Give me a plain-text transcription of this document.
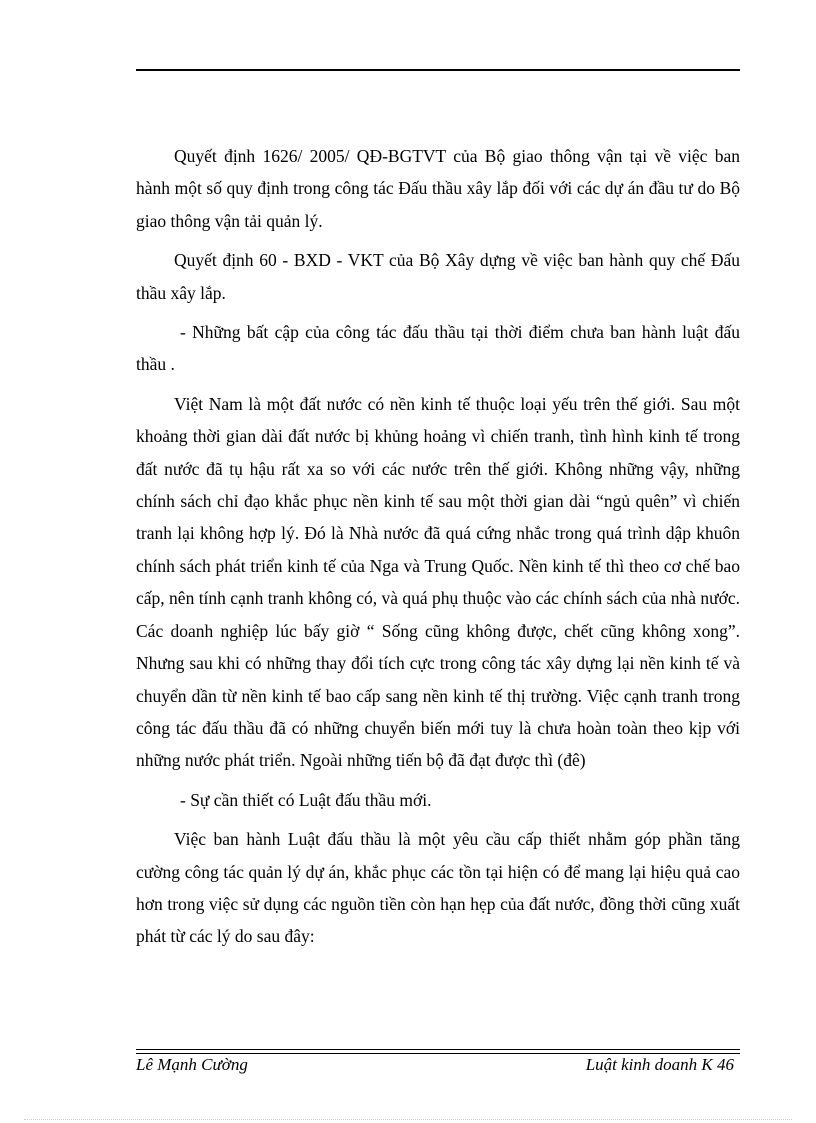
Quyết định 1626/ 2005/ QĐ-BGTVT của Bộ giao thông vận tại về việc ban hành một số quy định trong công tác Đấu thầu xây lắp đối với các dự án đầu tư do Bộ giao thông vận tải quản lý.

Quyết định 60 - BXD - VKT của Bộ Xây dựng về việc ban hành quy chế Đấu thầu xây lắp.

- Những bất cập của công tác đấu thầu tại thời điểm chưa ban hành luật đấu thầu .

Việt Nam là một đất nước có nền kinh tế thuộc loại yếu trên thế giới. Sau một khoảng thời gian dài đất nước bị khủng hoảng vì chiến tranh, tình hình kinh tế trong đất nước đã tụ hậu rất xa so với các nước trên thế giới. Không những vậy, những chính sách chỉ đạo khắc phục nền kinh tế sau một thời gian dài “ngủ quên” vì chiến tranh lại không hợp lý. Đó là Nhà nước đã quá cứng nhắc trong quá trình dập khuôn chính sách phát triển kinh tế của Nga và Trung Quốc. Nền kinh tế thì theo cơ chế bao cấp, nên tính cạnh tranh không có, và quá phụ thuộc vào các chính sách của nhà nước. Các doanh nghiệp lúc bấy giờ “ Sống cũng không được, chết cũng không xong”. Nhưng sau khi có những thay đổi tích cực trong công tác xây dựng lại nền kinh tế và chuyển dần từ nền kinh tế bao cấp sang nền kinh tế thị trường. Việc cạnh tranh trong công tác đấu thầu đã có những chuyển biến mới tuy là chưa hoàn toàn theo kịp với những nước phát triển. Ngoài những tiến bộ đã đạt được thì (đê)

- Sự cần thiết có Luật đấu thầu mới.

Việc ban hành Luật đấu thầu là một yêu cầu cấp thiết nhằm góp phần tăng cường công tác quản lý dự án, khắc phục các tồn tại hiện có để mang lại hiệu quả cao hơn trong việc sử dụng các nguồn tiền còn hạn hẹp của đất nước, đồng thời cũng xuất phát từ các lý do sau đây:

Lê Mạnh Cường	Luật kinh doanh K 46
